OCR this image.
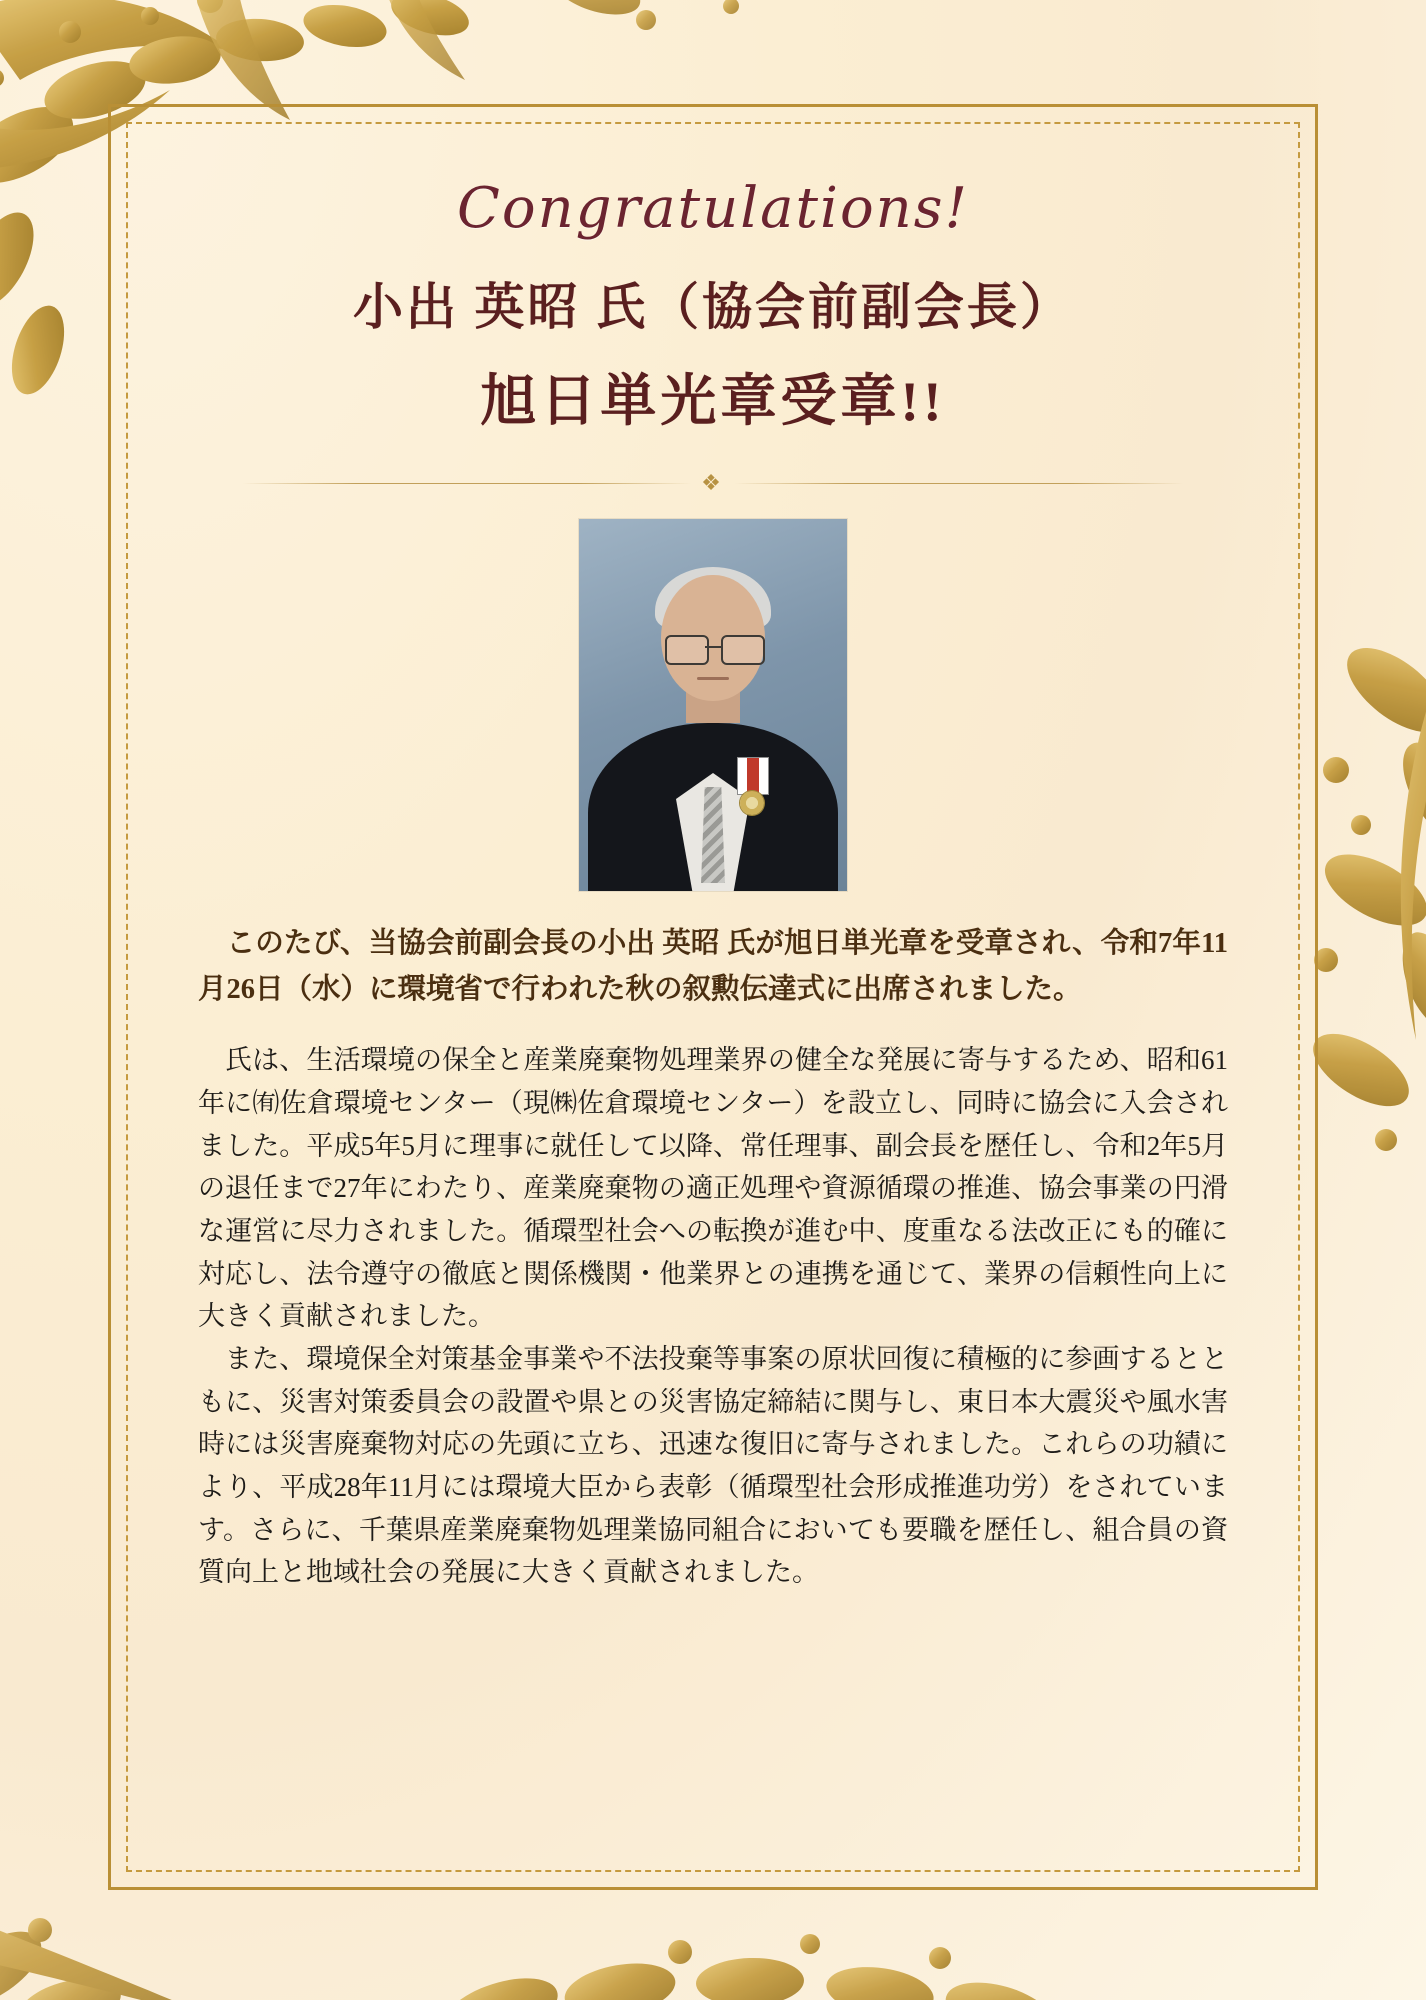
Congratulations!
小出 英昭 氏（協会前副会長）
旭日単光章受章!!
❖

　このたび、当協会前副会長の小出 英昭 氏が旭日単光章を受章され、令和7年11月26日（水）に環境省で行われた秋の叙勲伝達式に出席されました。

氏は、生活環境の保全と産業廃棄物処理業界の健全な発展に寄与するため、昭和61年に㈲佐倉環境センター（現㈱佐倉環境センター）を設立し、同時に協会に入会されました。平成5年5月に理事に就任して以降、常任理事、副会長を歴任し、令和2年5月の退任まで27年にわたり、産業廃棄物の適正処理や資源循環の推進、協会事業の円滑な運営に尽力されました。循環型社会への転換が進む中、度重なる法改正にも的確に対応し、法令遵守の徹底と関係機関・他業界との連携を通じて、業界の信頼性向上に大きく貢献されました。

また、環境保全対策基金事業や不法投棄等事案の原状回復に積極的に参画するとともに、災害対策委員会の設置や県との災害協定締結に関与し、東日本大震災や風水害時には災害廃棄物対応の先頭に立ち、迅速な復旧に寄与されました。これらの功績により、平成28年11月には環境大臣から表彰（循環型社会形成推進功労）をされています。さらに、千葉県産業廃棄物処理業協同組合においても要職を歴任し、組合員の資質向上と地域社会の発展に大きく貢献されました。
